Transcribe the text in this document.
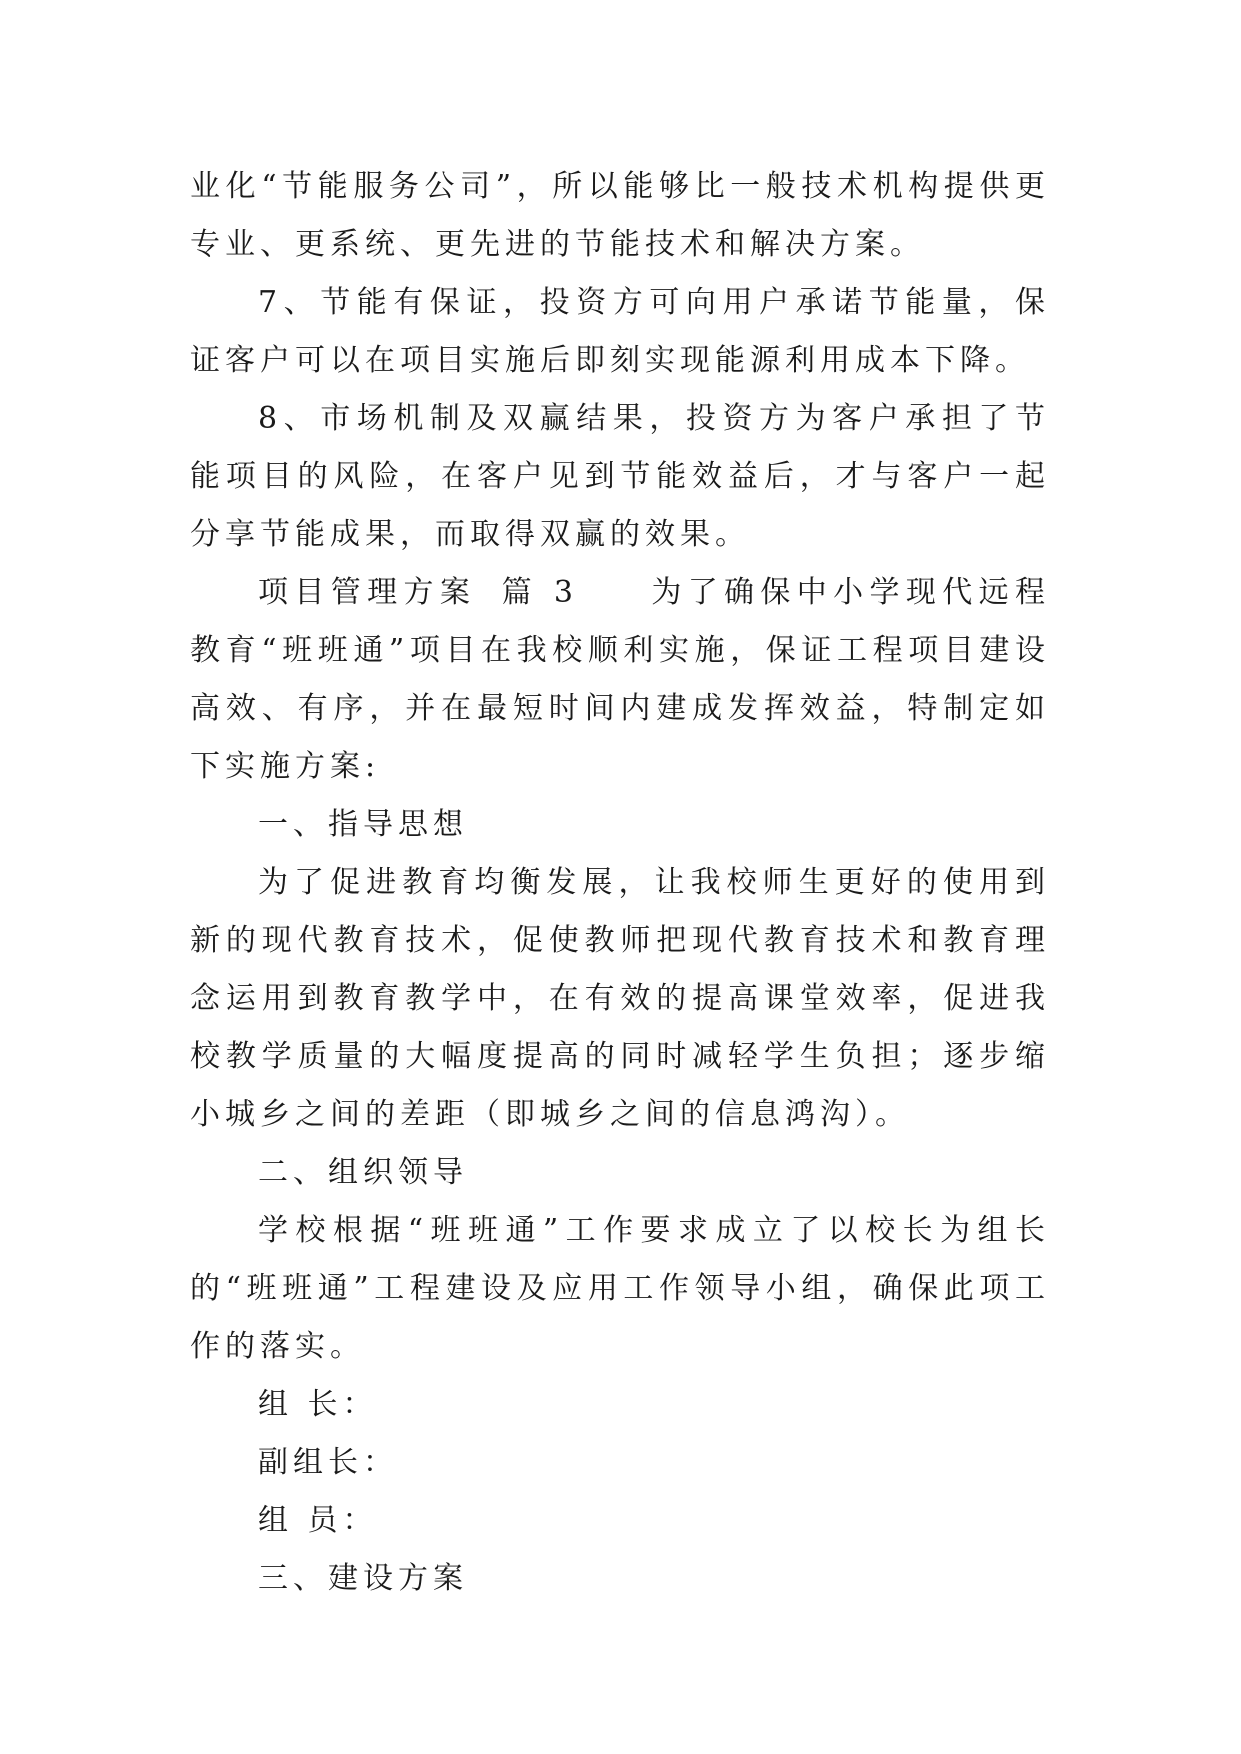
业化“节能服务公司”，所以能够比一般技术机构提供更专业、更系统、更先进的节能技术和解决方案。

7、节能有保证，投资方可向用户承诺节能量，保证客户可以在项目实施后即刻实现能源利用成本下降。

8、市场机制及双赢结果，投资方为客户承担了节能项目的风险，在客户见到节能效益后，才与客户一起分享节能成果，而取得双赢的效果。

项目管理方案 篇 3 为了确保中小学现代远程教育“班班通”项目在我校顺利实施，保证工程项目建设高效、有序，并在最短时间内建成发挥效益，特制定如下实施方案:

一、指导思想

为了促进教育均衡发展，让我校师生更好的使用到新的现代教育技术，促使教师把现代教育技术和教育理念运用到教育教学中，在有效的提高课堂效率，促进我校教学质量的大幅度提高的同时减轻学生负担；逐步缩小城乡之间的差距（即城乡之间的信息鸿沟）。

二、组织领导

学校根据“班班通”工作要求成立了以校长为组长的“班班通”工程建设及应用工作领导小组，确保此项工作的落实。

组 长：

副组长：

组 员：

三、建设方案
